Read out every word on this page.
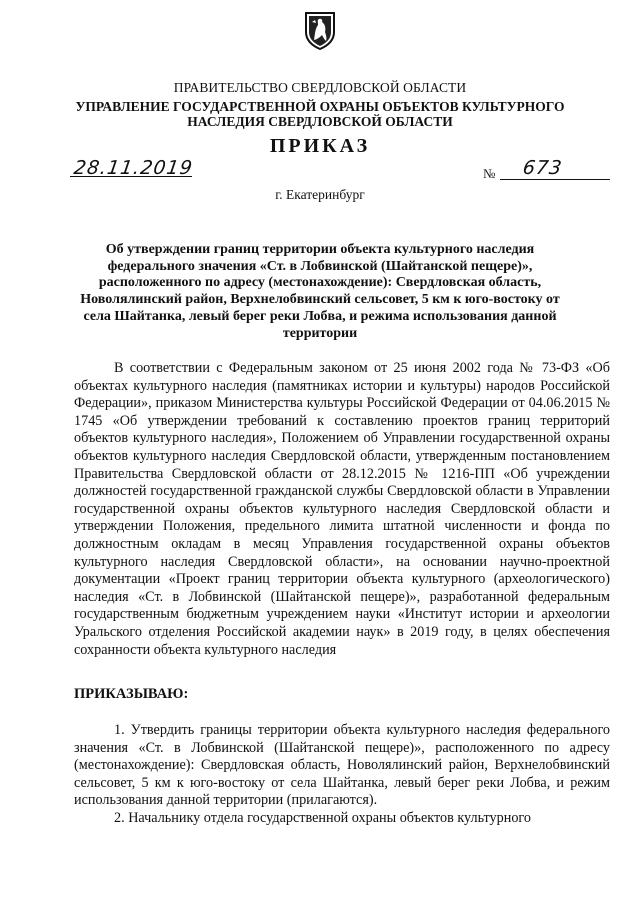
ПРАВИТЕЛЬСТВО СВЕРДЛОВСКОЙ ОБЛАСТИ
УПРАВЛЕНИЕ ГОСУДАРСТВЕННОЙ ОХРАНЫ ОБЪЕКТОВ КУЛЬТУРНОГО НАСЛЕДИЯ СВЕРДЛОВСКОЙ ОБЛАСТИ
ПРИКАЗ
28.11.2019	№ 673
г. Екатеринбург
Об утверждении границ территории объекта культурного наследия федерального значения «Ст. в Лобвинской (Шайтанской пещере)», расположенного по адресу (местонахождение): Свердловская область, Новолялинский район, Верхнелобвинский сельсовет, 5 км к юго-востоку от села Шайтанка, левый берег реки Лобва, и режима использования данной территории
В соответствии с Федеральным законом от 25 июня 2002 года № 73-ФЗ «Об объектах культурного наследия (памятниках истории и культуры) народов Российской Федерации», приказом Министерства культуры Российской Федерации от 04.06.2015 № 1745 «Об утверждении требований к составлению проектов границ территорий объектов культурного наследия», Положением об Управлении государственной охраны объектов культурного наследия Свердловской области, утвержденным постановлением Правительства Свердловской области от 28.12.2015 № 1216-ПП «Об учреждении должностей государственной гражданской службы Свердловской области в Управлении государственной охраны объектов культурного наследия Свердловской области и утверждении Положения, предельного лимита штатной численности и фонда по должностным окладам в месяц Управления государственной охраны объектов культурного наследия Свердловской области», на основании научно-проектной документации «Проект границ территории объекта культурного (археологического) наследия «Ст. в Лобвинской (Шайтанской пещере)», разработанной федеральным государственным бюджетным учреждением науки «Институт истории и археологии Уральского отделения Российской академии наук» в 2019 году, в целях обеспечения сохранности объекта культурного наследия
ПРИКАЗЫВАЮ:
1. Утвердить границы территории объекта культурного наследия федерального значения «Ст. в Лобвинской (Шайтанской пещере)», расположенного по адресу (местонахождение): Свердловская область, Новолялинский район, Верхнелобвинский сельсовет, 5 км к юго-востоку от села Шайтанка, левый берег реки Лобва, и режим использования данной территории (прилагаются).
2. Начальнику отдела государственной охраны объектов культурного
